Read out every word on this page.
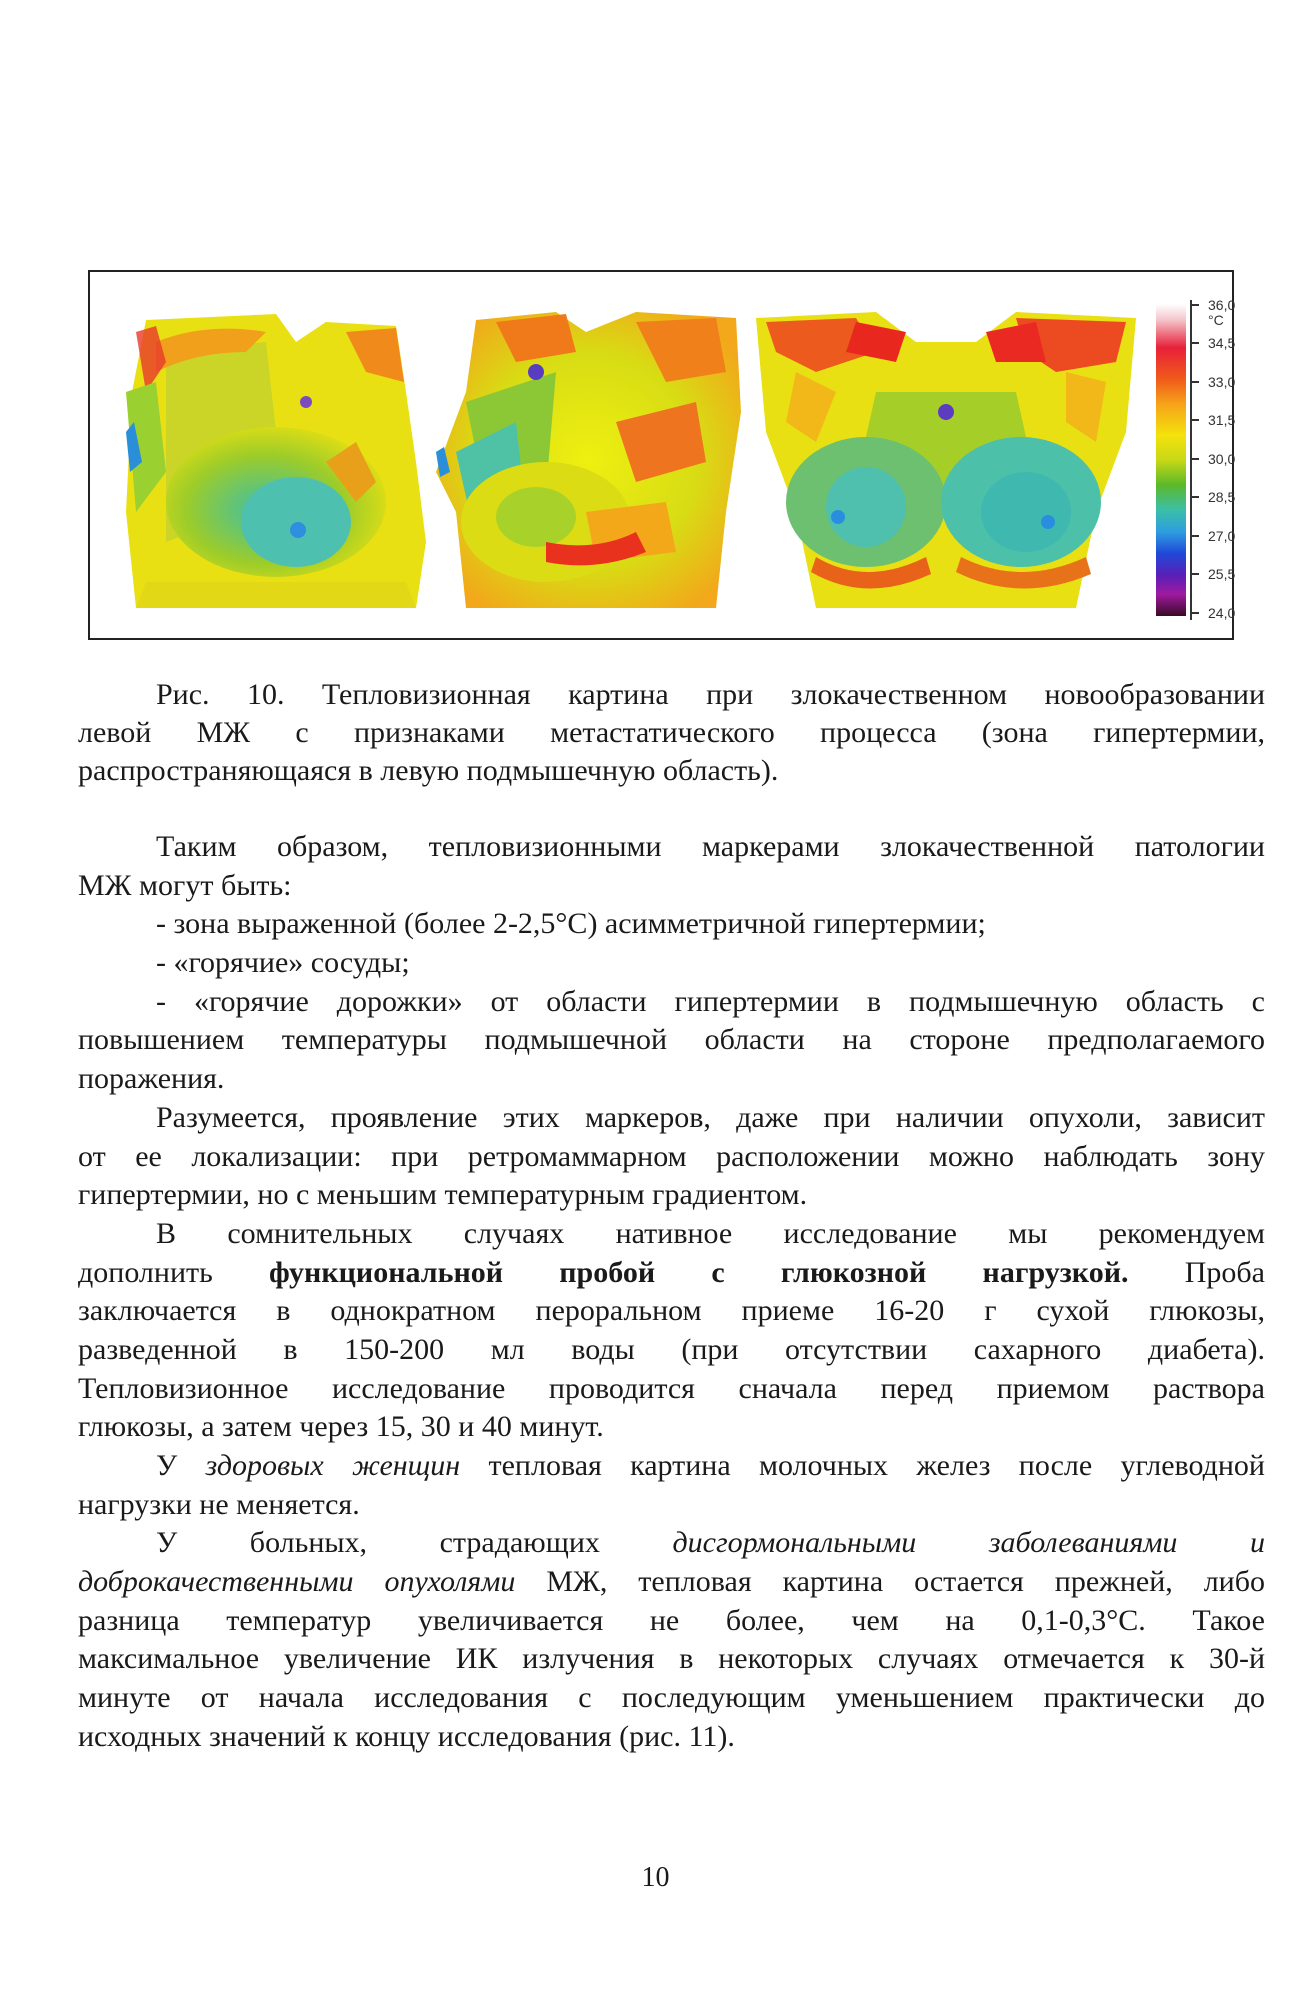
36,0
°C
34,5
33,0
31,5
30,0
28,5
27,0
25,5
24,0
Рис. 10. Тепловизионная картина при злокачественном новообразовании
левой МЖ с признаками метастатического процесса (зона гипертермии,
распространяющаяся в левую подмышечную область).
Таким образом, тепловизионными маркерами злокачественной патологии
МЖ могут быть:
- зона выраженной (более 2-2,5°С) асимметричной гипертермии;
- «горячие» сосуды;
- «горячие дорожки» от области гипертермии в подмышечную область с
повышением температуры подмышечной области на стороне предполагаемого
поражения.
Разумеется, проявление этих маркеров, даже при наличии опухоли, зависит
от ее локализации: при ретромаммарном расположении можно наблюдать зону
гипертермии, но с меньшим температурным градиентом.
В сомнительных случаях нативное исследование мы рекомендуем
дополнить функциональной пробой с глюкозной нагрузкой. Проба
заключается в однократном пероральном приеме 16-20 г сухой глюкозы,
разведенной в 150-200 мл воды (при отсутствии сахарного диабета).
Тепловизионное исследование проводится сначала перед приемом раствора
глюкозы, а затем через 15, 30 и 40 минут.
У здоровых женщин тепловая картина молочных желез после углеводной
нагрузки не меняется.
У больных, страдающих дисгормональными заболеваниями и
доброкачественными опухолями МЖ, тепловая картина остается прежней, либо
разница температур увеличивается не более, чем на 0,1-0,3°С. Такое
максимальное увеличение ИК излучения в некоторых случаях отмечается к 30-й
минуте от начала исследования с последующим уменьшением практически до
исходных значений к концу исследования (рис. 11).
10
